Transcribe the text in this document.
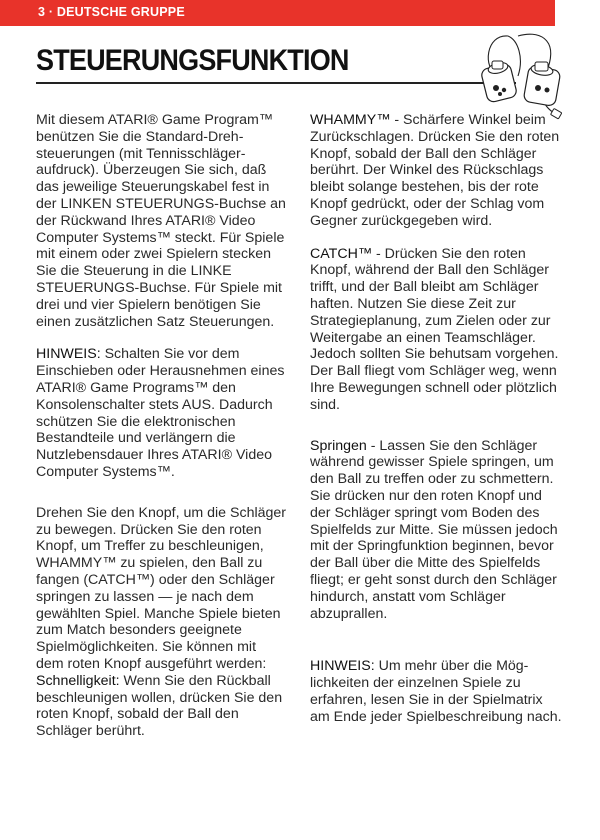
3 · DEUTSCHE GRUPPE
STEUERUNGSFUNKTION

Mit diesem ATARI® Game Program™ benützen Sie die Standard-Drehsteuerungen (mit Tennisschlägeraufdruck). Überzeugen Sie sich, daß das jeweilige Steuerungskabel fest in der LINKEN STEUERUNGS-Buchse an der Rückwand Ihres ATARI® Video Computer Systems™ steckt. Für Spiele mit einem oder zwei Spielern stecken Sie die Steuerung in die LINKE STEUERUNGS-Buchse. Für Spiele mit drei und vier Spielern benötigen Sie einen zusätzlichen Satz Steuerungen.

HINWEIS: Schalten Sie vor dem Einschieben oder Herausnehmen eines ATARI® Game Programs™ den Konsolenschalter stets AUS. Dadurch schützen Sie die elektronischen Bestandteile und verlängern die Nutzlebensdauer Ihres ATARI® Video Computer Systems™.

Drehen Sie den Knopf, um die Schläger zu bewegen. Drücken Sie den roten Knopf, um Treffer zu beschleunigen, WHAMMY™ zu spielen, den Ball zu fangen (CATCH™) oder den Schläger springen zu lassen — je nach dem gewählten Spiel. Manche Spiele bieten zum Match besonders geeignete Spielmöglichkeiten. Sie können mit dem roten Knopf ausgeführt werden:

Schnelligkeit: Wenn Sie den Rückball beschleunigen wollen, drücken Sie den roten Knopf, sobald der Ball den Schläger berührt.

WHAMMY™ - Schärfere Winkel beim Zurückschlagen. Drücken Sie den roten Knopf, sobald der Ball den Schläger berührt. Der Winkel des Rückschlags bleibt solange bestehen, bis der rote Knopf gedrückt, oder der Schlag vom Gegner zurückgegeben wird.

CATCH™ - Drücken Sie den roten Knopf, während der Ball den Schläger trifft, und der Ball bleibt am Schläger haften. Nutzen Sie diese Zeit zur Strategieplanung, zum Zielen oder zur Weitergabe an einen Teamschläger. Jedoch sollten Sie behutsam vorgehen. Der Ball fliegt vom Schläger weg, wenn Ihre Bewegungen schnell oder plötzlich sind.

Springen - Lassen Sie den Schläger während gewisser Spiele springen, um den Ball zu treffen oder zu schmettern. Sie drücken nur den roten Knopf und der Schläger springt vom Boden des Spielfelds zur Mitte. Sie müssen jedoch mit der Springfunktion beginnen, bevor der Ball über die Mitte des Spielfelds fliegt; er geht sonst durch den Schläger hindurch, anstatt vom Schläger abzuprallen.

HINWEIS: Um mehr über die Möglichkeiten der einzelnen Spiele zu erfahren, lesen Sie in der Spielmatrix am Ende jeder Spielbeschreibung nach.
